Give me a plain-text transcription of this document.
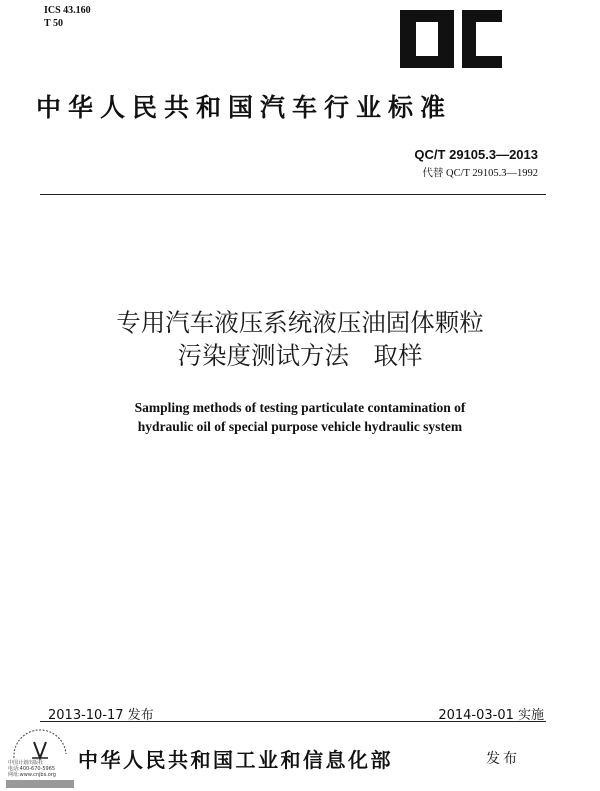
ICS 43.160
T 50
中华人民共和国汽车行业标准
QC/T 29105.3—2013
代替 QC/T 29105.3—1992
专用汽车液压系统液压油固体颗粒
污染度测试方法　取样
Sampling methods of testing particulate contamination of
hydraulic oil of special purpose vehicle hydraulic system
2013-10-17 发布	2014-03-01 实施
中国计划出版社
电话:400-670-5965
网址:www.cnjbs.org
中华人民共和国工业和信息化部	发布
